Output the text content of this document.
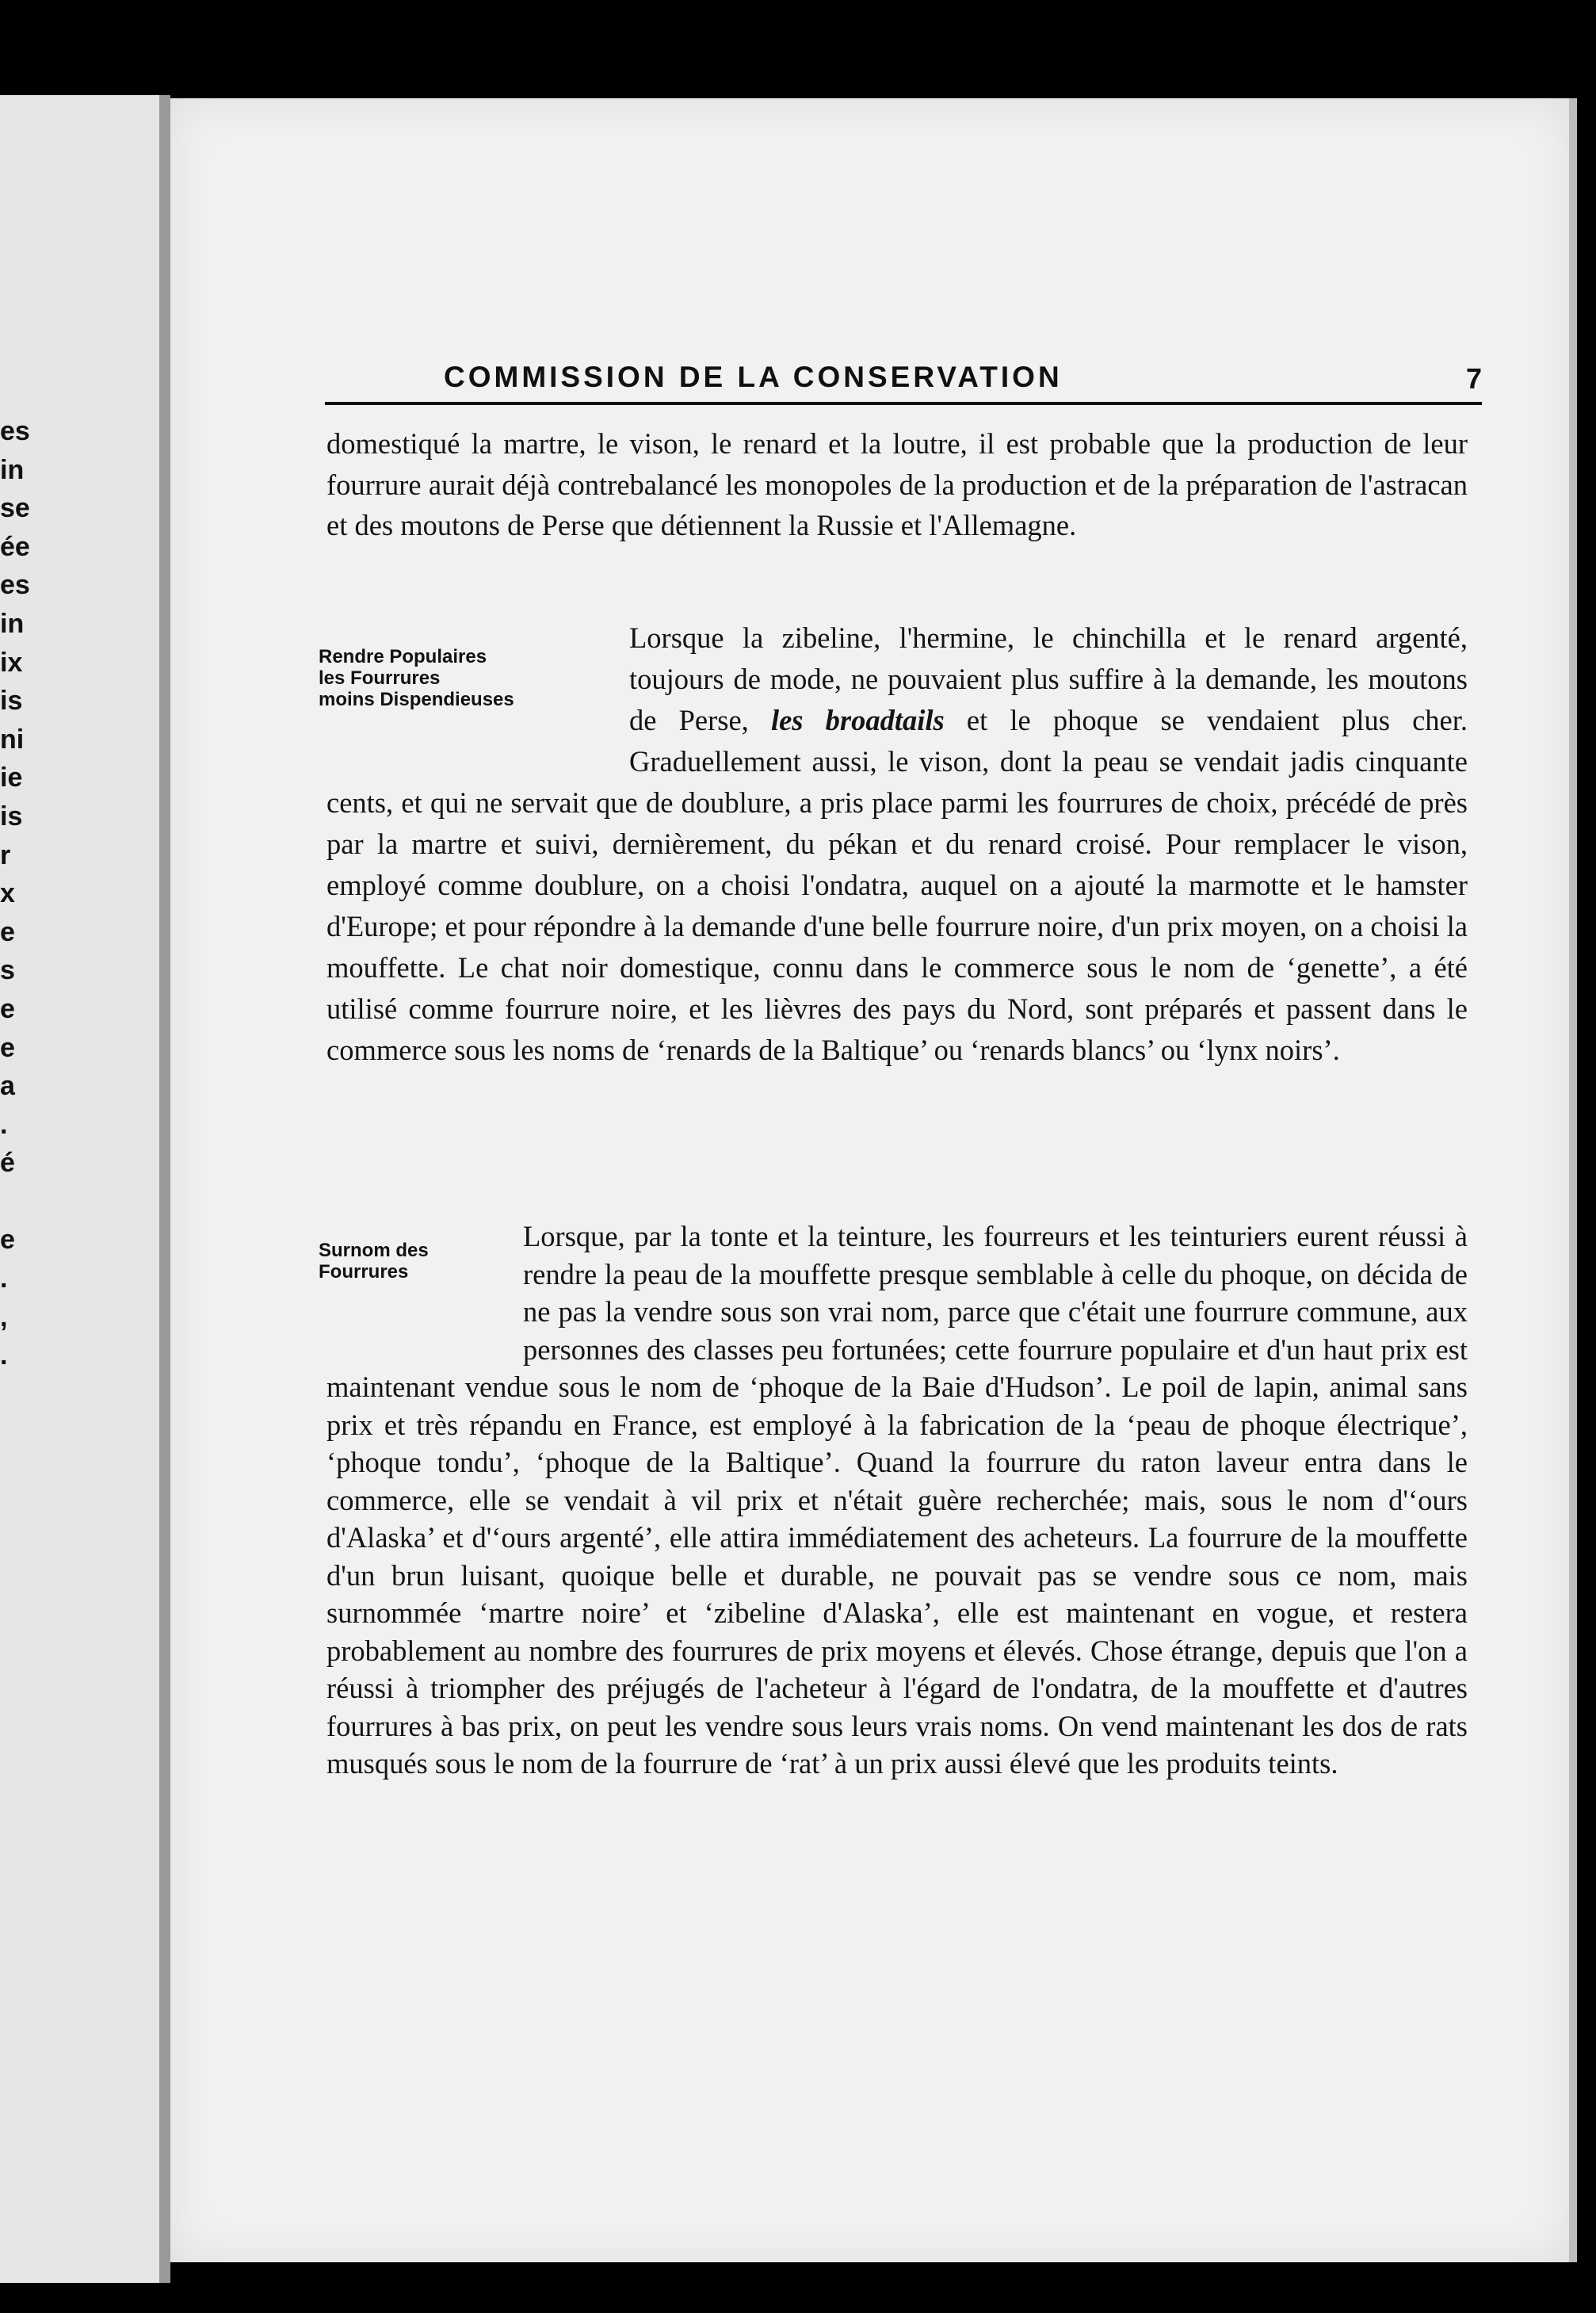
es
in
se
ée
es
in
ix
is
ni
ie
is
r
x
e
s
e
e
a
.
é
e
.
,
.
COMMISSION DE LA CONSERVATION	7
domestiqué la martre, le vison, le renard et la loutre, il est probable que la production de leur fourrure aurait déjà contrebalancé les monopoles de la production et de la préparation de l'astracan et des moutons de Perse que détiennent la Russie et l'Allemagne.
Rendre Populaires
les Fourrures
moins Dispendieuses
Lorsque la zibeline, l'hermine, le chinchilla et le renard argenté, toujours de mode, ne pouvaient plus suffire à la demande, les moutons de Perse, les broadtails et le phoque se vendaient plus cher. Graduellement aussi, le vison, dont la peau se vendait jadis cinquante cents, et qui ne servait que de doublure, a pris place parmi les fourrures de choix, précédé de près par la martre et suivi, dernièrement, du pékan et du renard croisé. Pour remplacer le vison, employé comme doublure, on a choisi l'ondatra, auquel on a ajouté la marmotte et le hamster d'Europe; et pour répondre à la demande d'une belle fourrure noire, d'un prix moyen, on a choisi la mouffette. Le chat noir domestique, connu dans le commerce sous le nom de ‘genette’, a été utilisé comme fourrure noire, et les lièvres des pays du Nord, sont préparés et passent dans le commerce sous les noms de ‘renards de la Baltique’ ou ‘renards blancs’ ou ‘lynx noirs’.
Surnom des
Fourrures
Lorsque, par la tonte et la teinture, les fourreurs et les teinturiers eurent réussi à rendre la peau de la mouffette presque semblable à celle du phoque, on décida de ne pas la vendre sous son vrai nom, parce que c'était une fourrure commune, aux personnes des classes peu fortunées; cette fourrure populaire et d'un haut prix est maintenant vendue sous le nom de ‘phoque de la Baie d'Hudson’. Le poil de lapin, animal sans prix et très répandu en France, est employé à la fabrication de la ‘peau de phoque électrique’, ‘phoque tondu’, ‘phoque de la Baltique’. Quand la fourrure du raton laveur entra dans le commerce, elle se vendait à vil prix et n'était guère recherchée; mais, sous le nom d'‘ours d'Alaska’ et d'‘ours argenté’, elle attira immédiatement des acheteurs. La fourrure de la mouffette d'un brun luisant, quoique belle et durable, ne pouvait pas se vendre sous ce nom, mais surnommée ‘martre noire’ et ‘zibeline d'Alaska’, elle est maintenant en vogue, et restera probablement au nombre des fourrures de prix moyens et élevés. Chose étrange, depuis que l'on a réussi à triompher des préjugés de l'acheteur à l'égard de l'ondatra, de la mouffette et d'autres fourrures à bas prix, on peut les vendre sous leurs vrais noms. On vend maintenant les dos de rats musqués sous le nom de la fourrure de ‘rat’ à un prix aussi élevé que les produits teints.
